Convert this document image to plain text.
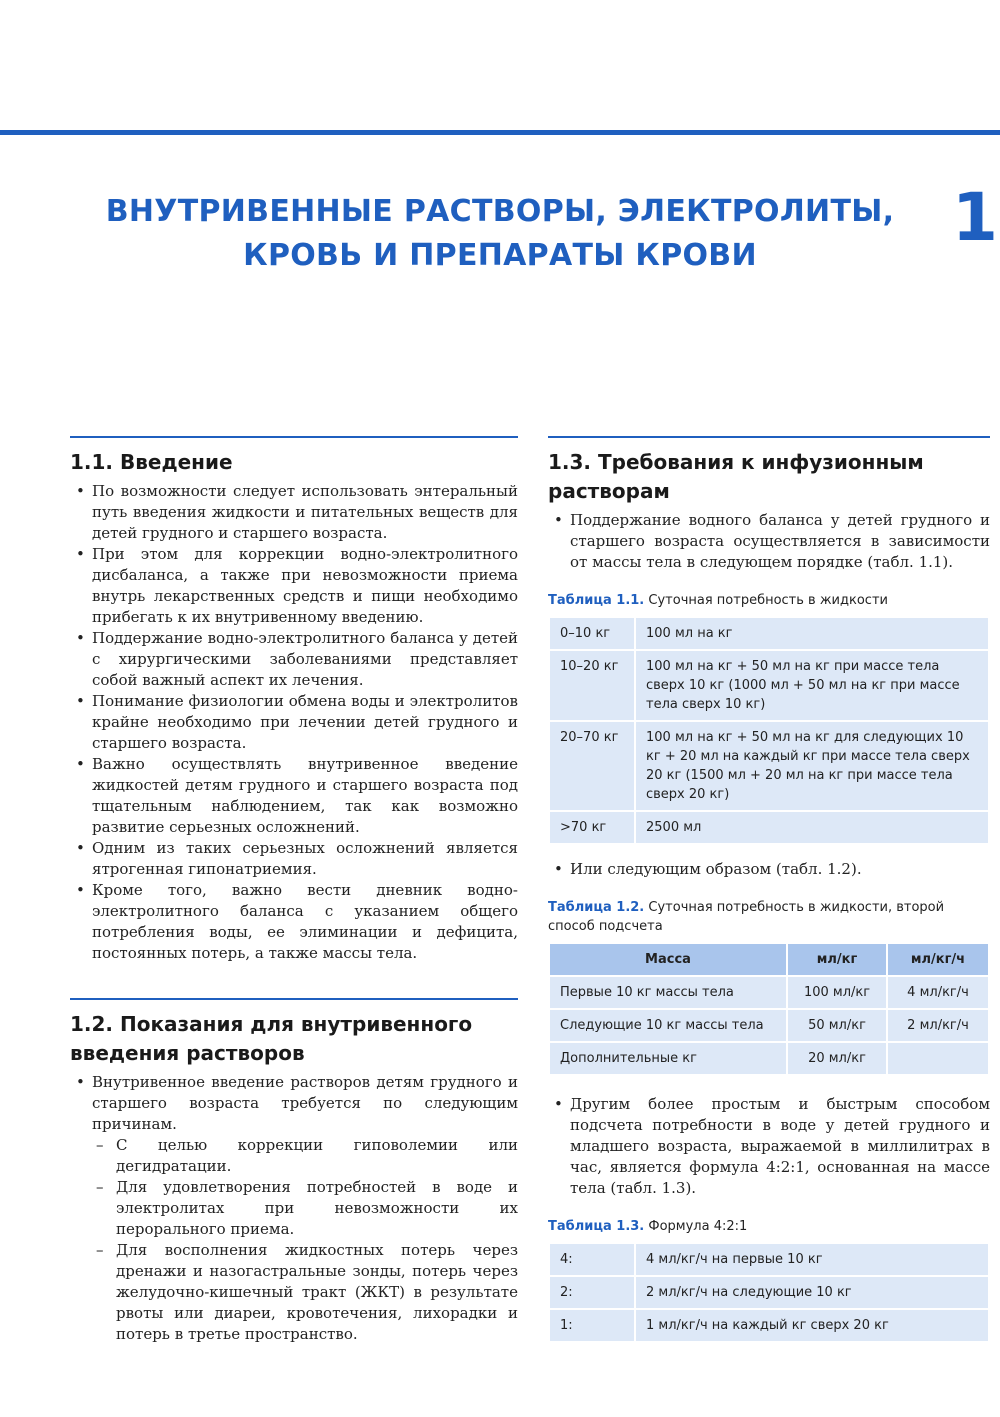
ВНУТРИВЕННЫЕ РАСТВОРЫ, ЭЛЕКТРОЛИТЫ,
КРОВЬ И ПРЕПАРАТЫ КРОВИ	1
1.1. Введение
• По возможности следует использовать энтеральный путь введения жидкости и питательных веществ для детей грудного и старшего возраста.
• При этом для коррекции водно-электролитного дисбаланса, а также при невозможности приема внутрь лекарственных средств и пищи необходимо прибегать к их внутривенному введению.
• Поддержание водно-электролитного баланса у детей с хирургическими заболеваниями представляет собой важный аспект их лечения.
• Понимание физиологии обмена воды и электролитов крайне необходимо при лечении детей грудного и старшего возраста.
• Важно осуществлять внутривенное введение жидкостей детям грудного и старшего возраста под тщательным наблюдением, так как возможно развитие серьезных осложнений.
• Одним из таких серьезных осложнений является ятрогенная гипонатриемия.
• Кроме того, важно вести дневник водно-электролитного баланса с указанием общего потребления воды, ее элиминации и дефицита, постоянных потерь, а также массы тела.
1.2. Показания для внутривенного
введения растворов
• Внутривенное введение растворов детям грудного и старшего возраста требуется по следующим причинам.
– С целью коррекции гиповолемии или дегидратации.
– Для удовлетворения потребностей в воде и электролитах при невозможности их перорального приема.
– Для восполнения жидкостных потерь через дренажи и назогастральные зонды, потерь через желудочно-кишечный тракт (ЖКТ) в результате рвоты или диареи, кровотечения, лихорадки и потерь в третье пространство.
1.3. Требования к инфузионным
растворам
• Поддержание водного баланса у детей грудного и старшего возраста осуществляется в зависимости от массы тела в следующем порядке (табл. 1.1).
Таблица 1.1. Суточная потребность в жидкости
0–10 кг	100 мл на кг
10–20 кг	100 мл на кг + 50 мл на кг при массе тела сверх 10 кг (1000 мл + 50 мл на кг при массе тела сверх 10 кг)
20–70 кг	100 мл на кг + 50 мл на кг для следующих 10 кг + 20 мл на каждый кг при массе тела сверх 20 кг (1500 мл + 20 мл на кг при массе тела сверх 20 кг)
>70 кг	2500 мл
• Или следующим образом (табл. 1.2).
Таблица 1.2. Суточная потребность в жидкости, второй способ подсчета
Масса	мл/кг	мл/кг/ч
Первые 10 кг массы тела	100 мл/кг	4 мл/кг/ч
Следующие 10 кг массы тела	50 мл/кг	2 мл/кг/ч
Дополнительные кг	20 мл/кг	
• Другим более простым и быстрым способом подсчета потребности в воде у детей грудного и младшего возраста, выражаемой в миллилитрах в час, является формула 4:2:1, основанная на массе тела (табл. 1.3).
Таблица 1.3. Формула 4:2:1
4:	4 мл/кг/ч на первые 10 кг
2:	2 мл/кг/ч на следующие 10 кг
1:	1 мл/кг/ч на каждый кг сверх 20 кг
